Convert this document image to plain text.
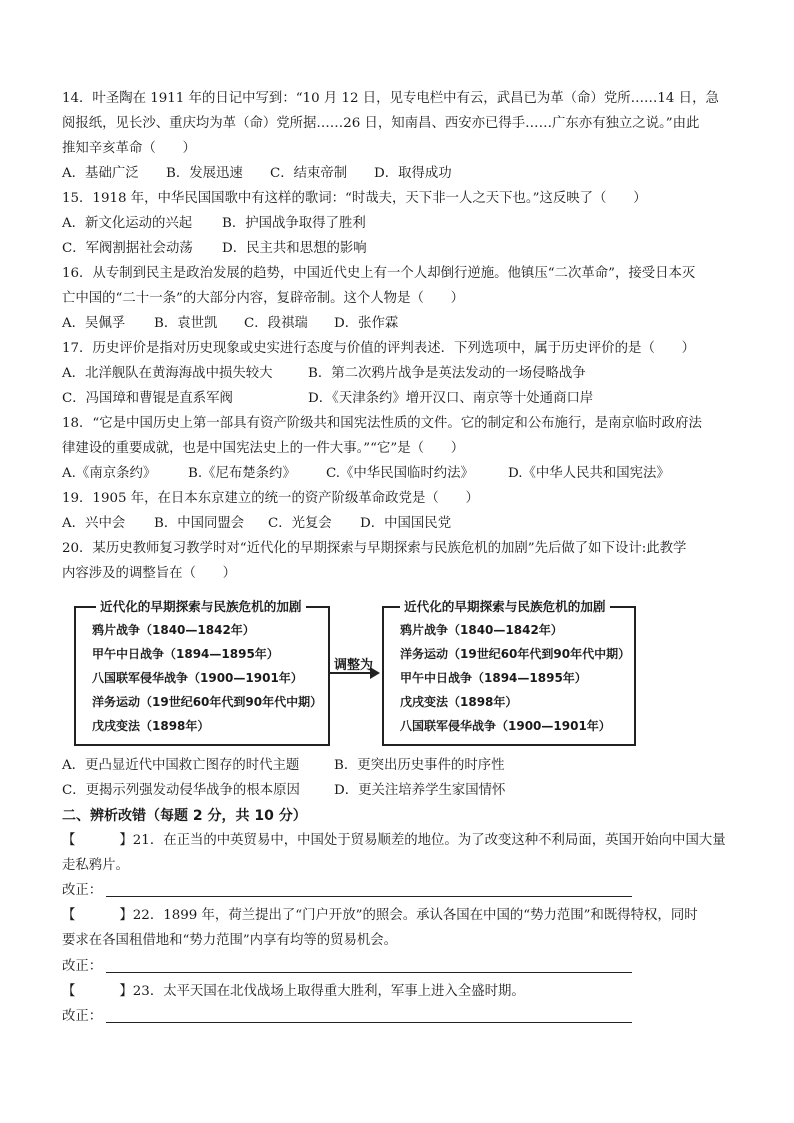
14．叶圣陶在 1911 年的日记中写到：“10 月 12 日，见专电栏中有云，武昌已为革（命）党所……14 日，急
阅报纸，见长沙、重庆均为革（命）党所据……26 日，知南昌、西安亦已得手……广东亦有独立之说。”由此
推知辛亥革命（　　）
A．基础广泛 B．发展迅速 C．结束帝制 D．取得成功
15．1918 年，中华民国国歌中有这样的歌词：“时哉夫，天下非一人之天下也。”这反映了（　　）
A．新文化运动的兴起 B．护国战争取得了胜利
C．军阀割据社会动荡 D．民主共和思想的影响
16．从专制到民主是政治发展的趋势，中国近代史上有一个人却倒行逆施。他镇压“二次革命”，接受日本灭
亡中国的“二十一条”的大部分内容，复辟帝制。这个人物是（　　）
A．吴佩孚 B．袁世凯 C．段祺瑞 D．张作霖
17．历史评价是指对历史现象或史实进行态度与价值的评判表述．下列选项中，属于历史评价的是（　　）
A．北洋舰队在黄海海战中损失较大	B．第二次鸦片战争是英法发动的一场侵略战争
C．冯国璋和曹锟是直系军阀	D．《天津条约》增开汉口、南京等十处通商口岸
18．“它是中国历史上第一部具有资产阶级共和国宪法性质的文件。它的制定和公布施行，是南京临时政府法
律建设的重要成就，也是中国宪法史上的一件大事。”“它”是（　　）
A.《南京条约》 B.《尼布楚条约》 C.《中华民国临时约法》	D.《中华人民共和国宪法》
19．1905 年，在日本东京建立的统一的资产阶级革命政党是（　　）
A．兴中会 B．中国同盟会 C．光复会 D．中国国民党
20．某历史教师复习教学时对“近代化的早期探索与早期探索与民族危机的加剧”先后做了如下设计:此教学
内容涉及的调整旨在（　　）
鸦片战争（1840—1842年）
甲午中日战争（1894—1895年）
八国联军侵华战争（1900—1901年）
洋务运动（19世纪60年代到90年代中期）
戊戌变法（1898年）
近代化的早期探索与民族危机的加剧
调整为
鸦片战争（1840—1842年）
洋务运动（19世纪60年代到90年代中期）
甲午中日战争（1894—1895年）
戊戌变法（1898年）
八国联军侵华战争（1900—1901年）
近代化的早期探索与民族危机的加剧
A．更凸显近代中国救亡图存的时代主题	B．更突出历史事件的时序性
C．更揭示列强发动侵华战争的根本原因	D．更关注培养学生家国情怀
二、辨析改错（每题 2 分，共 10 分）
【	】21．在正当的中英贸易中，中国处于贸易顺差的地位。为了改变这种不利局面，英国开始向中国大量
走私鸦片。
改正：
【	】22．1899 年，荷兰提出了“门户开放”的照会。承认各国在中国的“势力范围”和既得特权，同时
要求在各国租借地和“势力范围”内享有均等的贸易机会。
改正：
【	】23．太平天国在北伐战场上取得重大胜利，军事上进入全盛时期。
改正：
